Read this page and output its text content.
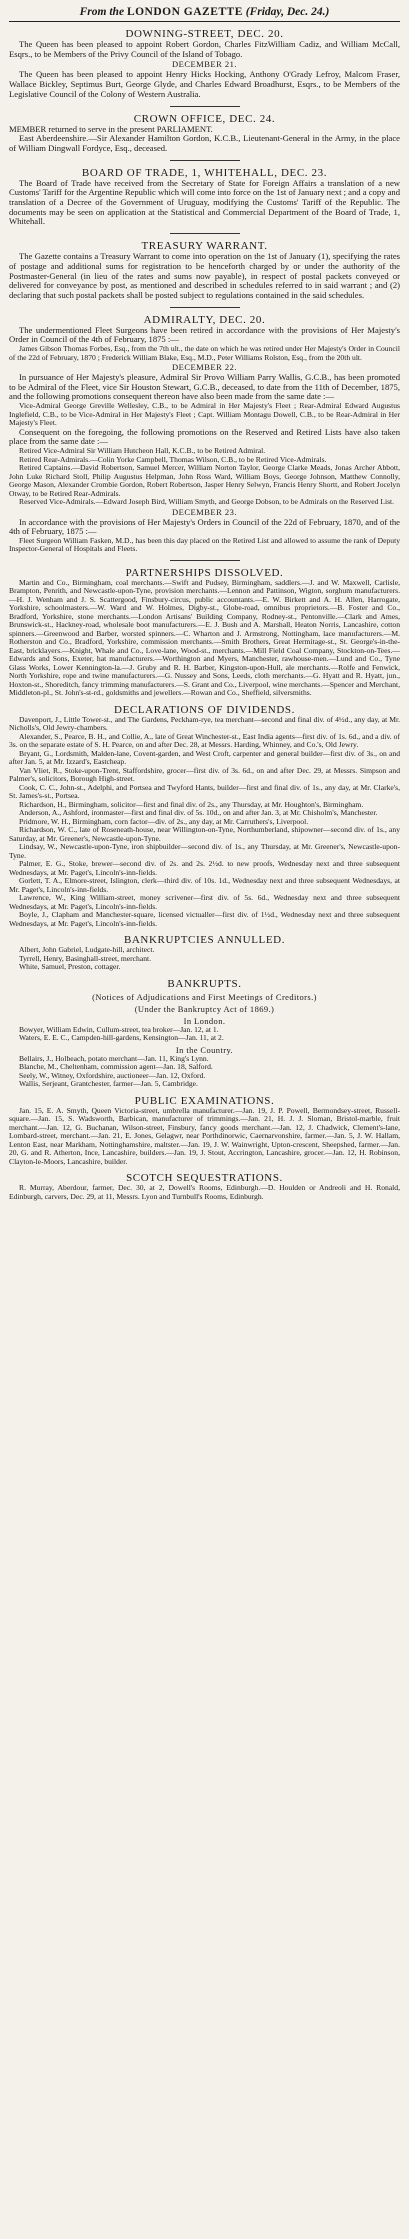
From the LONDON GAZETTE (Friday, Dec. 24.)
DOWNING-STREET, DEC. 20.

The Queen has been pleased to appoint Robert Gordon, Charles FitzWilliam Cadiz, and William McCall, Esqrs., to be Members of the Privy Council of the Island of Tobago.

DECEMBER 21.

The Queen has been pleased to appoint Henry Hicks Hocking, Anthony O'Grady Lefroy, Malcom Fraser, Wallace Bickley, Septimus Burt, George Glyde, and Charles Edward Broadhurst, Esqrs., to be Members of the Legislative Council of the Colony of Western Australia.

CROWN OFFICE, DEC. 24.

MEMBER returned to serve in the present PARLIAMENT.

East Aberdeenshire.—Sir Alexander Hamilton Gordon, K.C.B., Lieutenant-General in the Army, in the place of William Dingwall Fordyce, Esq., deceased.

BOARD OF TRADE, 1, WHITEHALL, DEC. 23.

The Board of Trade have received from the Secretary of State for Foreign Affairs a translation of a new Customs' Tariff for the Argentine Republic which will come into force on the 1st of January next ; and a copy and translation of a Decree of the Government of Uruguay, modifying the Customs' Tariff of the Republic. The documents may be seen on application at the Statistical and Commercial Department of the Board of Trade, 1, Whitehall.

TREASURY WARRANT.

The Gazette contains a Treasury Warrant to come into operation on the 1st of January (1), specifying the rates of postage and additional sums for registration to be henceforth charged by or under the authority of the Postmaster-General (in lieu of the rates and sums now payable), in respect of postal packets conveyed or delivered for conveyance by post, as mentioned and described in schedules referred to in said warrant ; and (2) declaring that such postal packets shall be posted subject to regulations contained in the said schedules.

ADMIRALTY, DEC. 20.

The undermentioned Fleet Surgeons have been retired in accordance with the provisions of Her Majesty's Order in Council of the 4th of February, 1875 :—

James Gibson Thomas Forbes, Esq., from the 7th ult., the date on which he was retired under Her Majesty's Order in Council of the 22d of February, 1870 ; Frederick William Blake, Esq., M.D., Peter Williams Rolston, Esq., from the 20th ult.

DECEMBER 22.

In pursuance of Her Majesty's pleasure, Admiral Sir Provo William Parry Wallis, G.C.B., has been promoted to be Admiral of the Fleet, vice Sir Houston Stewart, G.C.B., deceased, to date from the 11th of December, 1875, and the following promotions consequent thereon have also been made from the same date :—

Vice-Admiral George Greville Wellesley, C.B., to be Admiral in Her Majesty's Fleet ; Rear-Admiral Edward Augustus Inglefield, C.B., to be Vice-Admiral in Her Majesty's Fleet ; Capt. William Montagu Dowell, C.B., to be Rear-Admiral in Her Majesty's Fleet.

Consequent on the foregoing, the following promotions on the Reserved and Retired Lists have also taken place from the same date :—

Retired Vice-Admiral Sir William Hutcheon Hall, K.C.B., to be Retired Admiral.

Retired Rear-Admirals.—Colin Yorke Campbell, Thomas Wilson, C.B., to be Retired Vice-Admirals.

Retired Captains.—David Robertson, Samuel Mercer, William Norton Taylor, George Clarke Meads, Jonas Archer Abbott, John Luke Richard Stoll, Philip Augustus Helpman, John Ross Ward, William Boys, George Johnson, Matthew Connolly, George Mason, Alexander Crombie Gordon, Robert Robertson, Jasper Henry Selwyn, Francis Henry Shortt, and Robert Jocelyn Otway, to be Retired Rear-Admirals.

Reserved Vice-Admirals.—Edward Joseph Bird, William Smyth, and George Dobson, to be Admirals on the Reserved List.

DECEMBER 23.

In accordance with the provisions of Her Majesty's Orders in Council of the 22d of February, 1870, and of the 4th of February, 1875 :—

Fleet Surgeon William Fasken, M.D., has been this day placed on the Retired List and allowed to assume the rank of Deputy Inspector-General of Hospitals and Fleets.

PARTNERSHIPS DISSOLVED.

Martin and Co., Birmingham, coal merchants.—Swift and Pudsey, Birmingham, saddlers.—J. and W. Maxwell, Carlisle, Brampton, Penrith, and Newcastle-upon-Tyne, provision merchants.—Lennon and Pattinson, Wigton, sorghum manufacturers.—H. J. Wenham and J. S. Scattergood, Finsbury-circus, public accountants.—E. W. Birkett and A. H. Allen, Harrogate, Yorkshire, schoolmasters.—W. Ward and W. Holmes, Digby-st., Globe-road, omnibus proprietors.—B. Foster and Co., Bradford, Yorkshire, stone merchants.—London Artisans' Building Company, Rodney-st., Pentonville.—Clark and Ames, Brunswick-st., Hackney-road, wholesale boot manufacturers.—E. J. Bush and A. Marshall, Heaton Norris, Lancashire, cotton spinners.—Greenwood and Barber, worsted spinners.—C. Wharton and J. Armstrong, Nottingham, lace manufacturers.—M. Rotherston and Co., Bradford, Yorkshire, commission merchants.—Smith Brothers, Great Hermitage-st., St. George's-in-the-East, bricklayers.—Knight, Whale and Co., Love-lane, Wood-st., merchants.—Mill Field Coal Company, Stockton-on-Tees.—Edwards and Sons, Exeter, hat manufacturers.—Worthington and Myers, Manchester, rawhouse-men.—Lund and Co., Tyne Glass Works, Lower Kennington-la.—J. Gruby and R. H. Barber, Kingston-upon-Hull, ale merchants.—Rolfe and Fenwick, North Yorkshire, rope and twine manufacturers.—G. Nussey and Sons, Leeds, cloth merchants.—G. Hyatt and R. Hyatt, jun., Hoxton-st., Shoreditch, fancy trimming manufacturers.—S. Grant and Co., Liverpool, wine merchants.—Spencer and Merchant, Middleton-pl., St. John's-st-rd., goldsmiths and jewellers.—Rowan and Co., Sheffield, silversmiths.

DECLARATIONS OF DIVIDENDS.

Davenport, J., Little Tower-st., and The Gardens, Peckham-rye, tea merchant—second and final div. of 4½d., any day, at Mr. Nicholls's, Old Jewry-chambers.

Alexander, S., Pearce, B. H., and Collie, A., late of Great Winchester-st., East India agents—first div. of 1s. 6d., and a div. of 3s. on the separate estate of S. H. Pearce, on and after Dec. 28, at Messrs. Harding, Whinney, and Co.'s, Old Jewry.

Bryant, G., Lordsmith, Malden-lane, Covent-garden, and West Croft, carpenter and general builder—first div. of 3s., on and after Jan. 5, at Mr. Izzard's, Eastcheap.

Van Vliet, R., Stoke-upon-Trent, Staffordshire, grocer—first div. of 3s. 6d., on and after Dec. 29, at Messrs. Simpson and Palmer's, solicitors, Borough High-street.

Cook, C. C., John-st., Adelphi, and Portsea and Twyford Hants, builder—first and final div. of 1s., any day, at Mr. Clarke's, St. James's-st., Portsea.

Richardson, H., Birmingham, solicitor—first and final div. of 2s., any Thursday, at Mr. Houghton's, Birmingham.

Anderson, A., Ashford, ironmaster—first and final div. of 5s. 10d., on and after Jan. 3, at Mr. Chisholm's, Manchester.

Pridmore, W. H., Birmingham, corn factor—div. of 2s., any day, at Mr. Carruthers's, Liverpool.

Richardson, W. C., late of Roseneath-house, near Willington-on-Tyne, Northumberland, shipowner—second div. of 1s., any Saturday, at Mr. Greener's, Newcastle-upon-Tyne.

Lindsay, W., Newcastle-upon-Tyne, iron shipbuilder—second div. of 1s., any Thursday, at Mr. Greener's, Newcastle-upon-Tyne.

Palmer, E. G., Stoke, brewer—second div. of 2s. and 2s. 2½d. to new proofs, Wednesday next and three subsequent Wednesdays, at Mr. Paget's, Lincoln's-inn-fields.

Gorlett, T. A., Elmore-street, Islington, clerk—third div. of 10s. 1d., Wednesday next and three subsequent Wednesdays, at Mr. Paget's, Lincoln's-inn-fields.

Lawrence, W., King William-street, money scrivener—first div. of 5s. 6d., Wednesday next and three subsequent Wednesdays, at Mr. Paget's, Lincoln's-inn-fields.

Boyle, J., Clapham and Manchester-square, licensed victualler—first div. of 1½d., Wednesday next and three subsequent Wednesdays, at Mr. Paget's, Lincoln's-inn-fields.

BANKRUPTCIES ANNULLED.

Albert, John Gabriel, Ludgate-hill, architect.

Tyrrell, Henry, Basinghall-street, merchant.

White, Samuel, Preston, cottager.

BANKRUPTS.
(Notices of Adjudications and First Meetings of Creditors.)
(Under the Bankruptcy Act of 1869.)
In London.

Bowyer, William Edwin, Cullum-street, tea broker—Jan. 12, at 1.

Waters, E. E. C., Campden-hill-gardens, Kensington—Jan. 11, at 2.

In the Country.

Bellairs, J., Holbeach, potato merchant—Jan. 11, King's Lynn.

Blanche, M., Cheltenham, commission agent—Jan. 18, Salford.

Seely, W., Witney, Oxfordshire, auctioneer—Jan. 12, Oxford.

Wallis, Serjeant, Grantchester, farmer—Jan. 5, Cambridge.

PUBLIC EXAMINATIONS.

Jan. 15, E. A. Smyth, Queen Victoria-street, umbrella manufacturer.—Jan. 19, J. P. Powell, Bermondsey-street, Russell-square.—Jan. 15, S. Wadsworth, Barbican, manufacturer of trimmings.—Jan. 21, H. J. J. Sloman, Bristol-marble, fruit merchant.—Jan. 12, G. Buchanan, Wilson-street, Finsbury, fancy goods merchant.—Jan. 12, J. Chadwick, Clement's-lane, Lombard-street, merchant.—Jan. 21, E. Jones, Gelagwr, near Porthdinorwic, Caernarvonshire, farmer.—Jan. 5, J. W. Hallam, Lenton East, near Markham, Nottinghamshire, maltster.—Jan. 19, J. W. Wainwright, Upton-crescent, Sheepshed, farmer.—Jan. 20, G. and R. Atherton, Ince, Lancashire, builders.—Jan. 19, J. Stout, Accrington, Lancashire, grocer.—Jan. 12, H. Robinson, Clayton-le-Moors, Lancashire, builder.

SCOTCH SEQUESTRATIONS.

R. Murray, Aberdour, farmer, Dec. 30, at 2, Dowell's Rooms, Edinburgh.—D. Houlden or Andreoli and H. Ronald, Edinburgh, carvers, Dec. 29, at 11, Messrs. Lyon and Turnbull's Rooms, Edinburgh.
